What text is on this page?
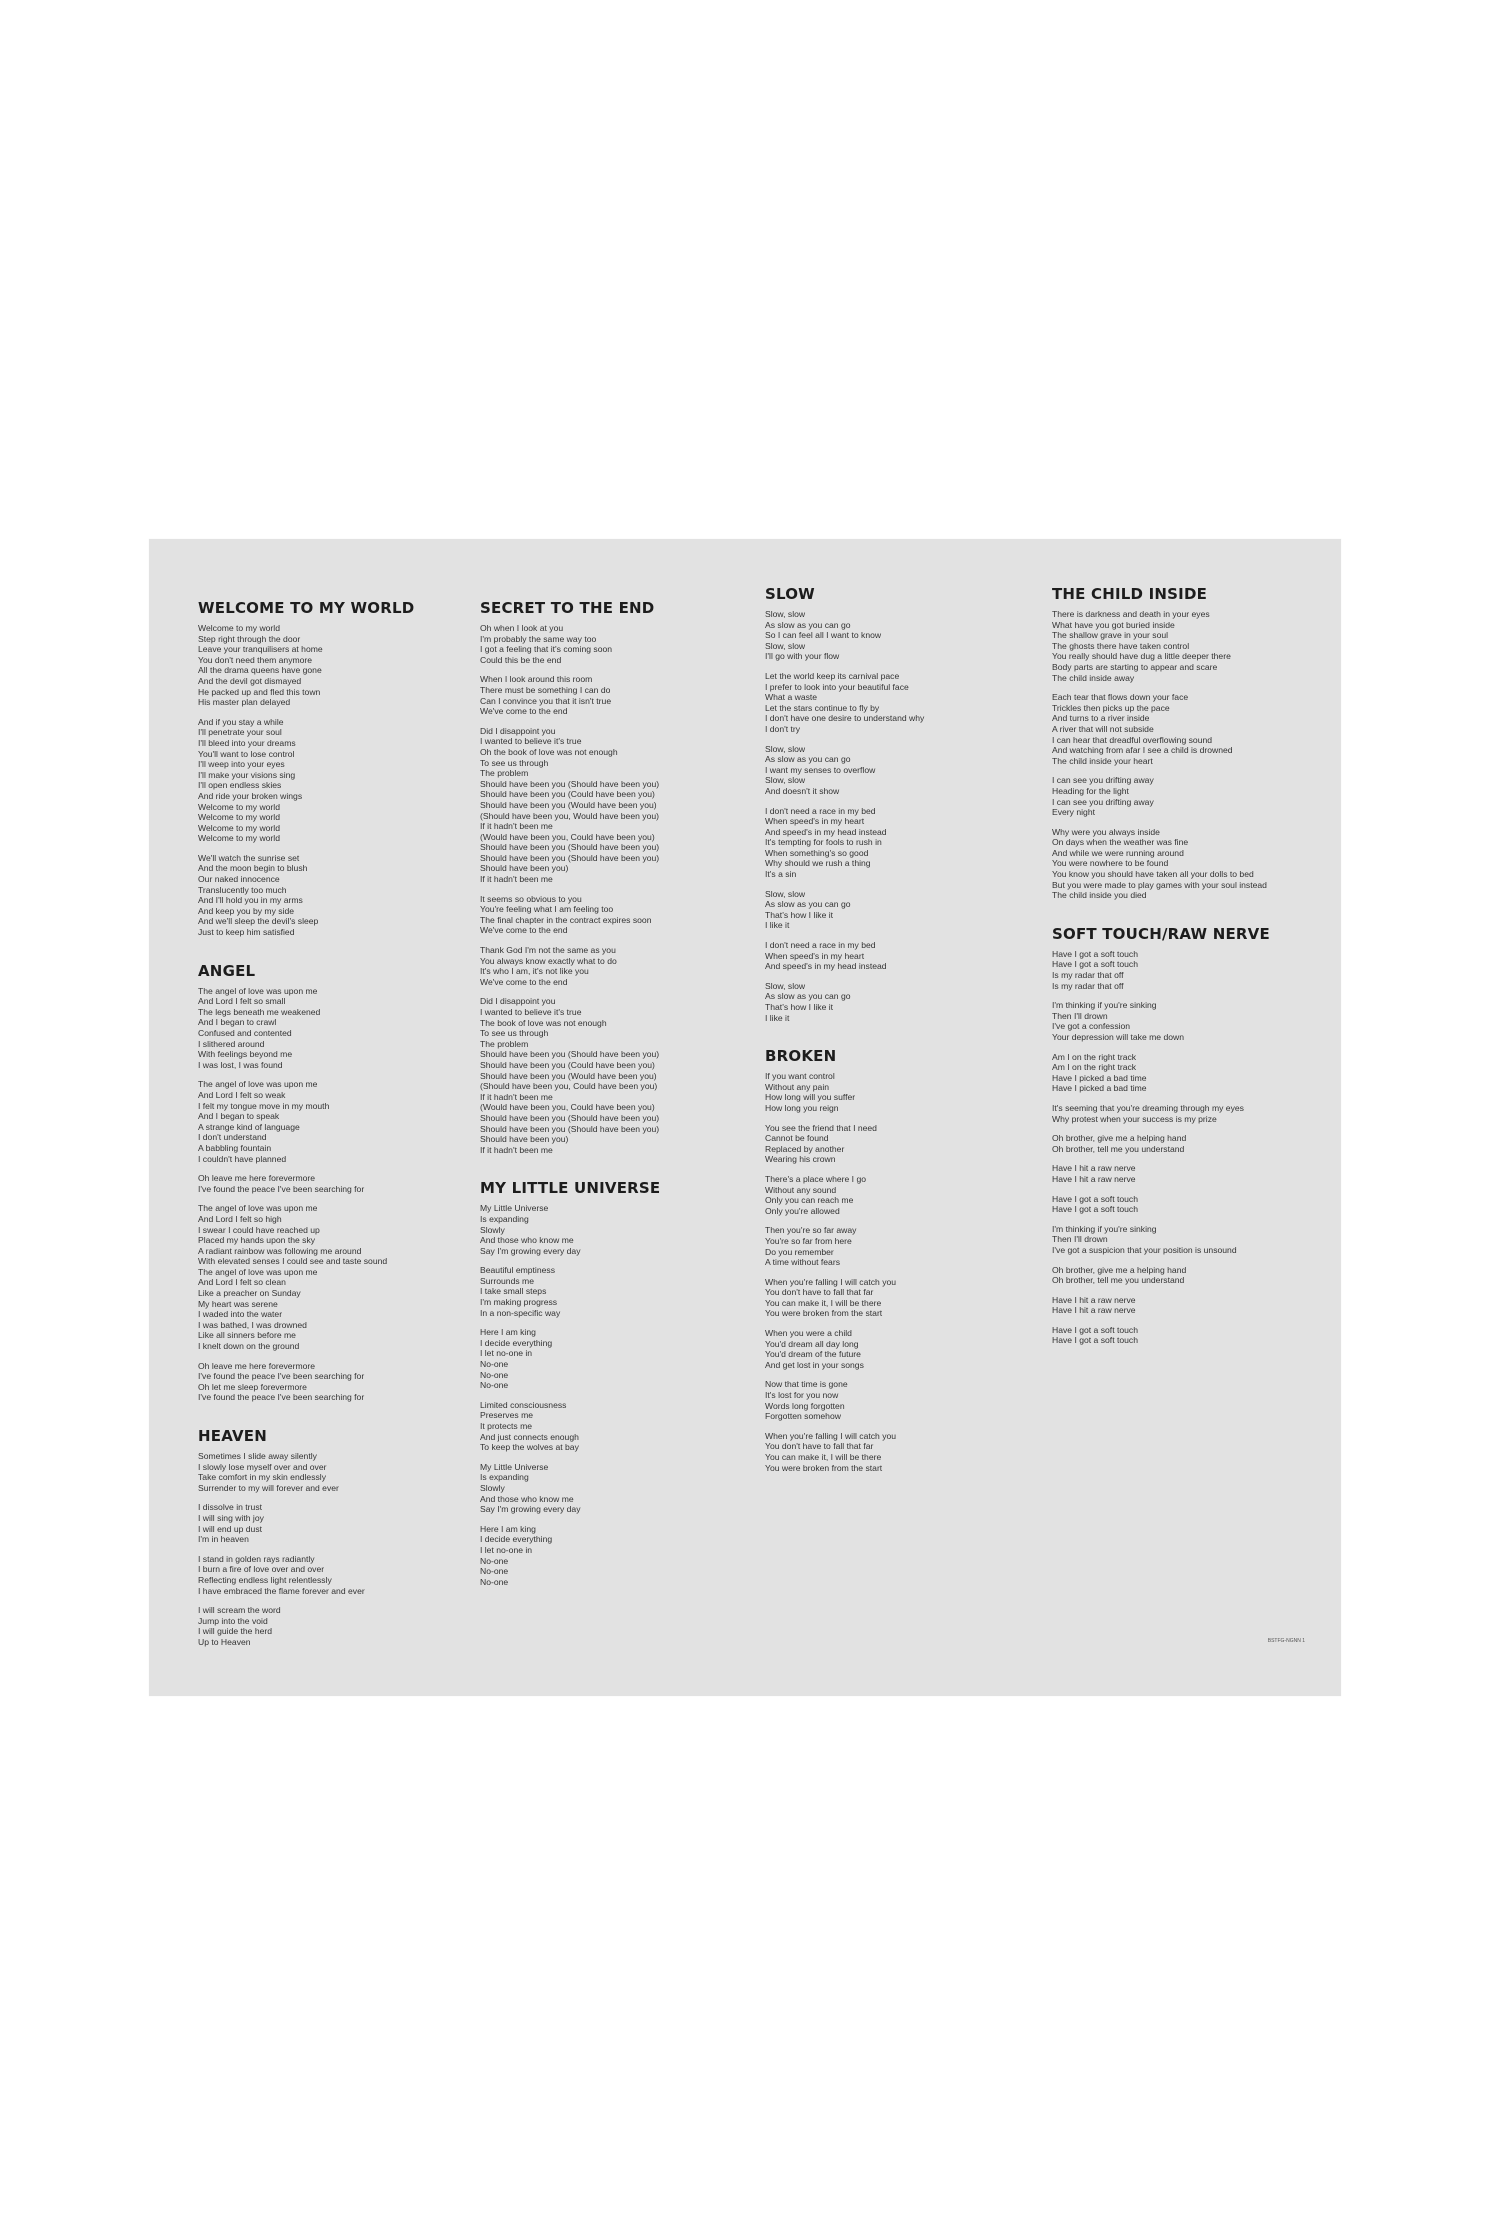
WELCOME TO MY WORLD
Welcome to my world
Step right through the door
Leave your tranquilisers at home
You don't need them anymore
All the drama queens have gone
And the devil got dismayed
He packed up and fled this town
His master plan delayed
And if you stay a while
I'll penetrate your soul
I'll bleed into your dreams
You'll want to lose control
I'll weep into your eyes
I'll make your visions sing
I'll open endless skies
And ride your broken wings
Welcome to my world
Welcome to my world
Welcome to my world
Welcome to my world
We'll watch the sunrise set
And the moon begin to blush
Our naked innocence
Translucently too much
And I'll hold you in my arms
And keep you by my side
And we'll sleep the devil's sleep
Just to keep him satisfied
ANGEL
The angel of love was upon me
And Lord I felt so small
The legs beneath me weakened
And I began to crawl
Confused and contented
I slithered around
With feelings beyond me
I was lost, I was found
The angel of love was upon me
And Lord I felt so weak
I felt my tongue move in my mouth
And I began to speak
A strange kind of language
I don't understand
A babbling fountain
I couldn't have planned
Oh leave me here forevermore
I've found the peace I've been searching for
The angel of love was upon me
And Lord I felt so high
I swear I could have reached up
Placed my hands upon the sky
A radiant rainbow was following me around
With elevated senses I could see and taste sound
The angel of love was upon me
And Lord I felt so clean
Like a preacher on Sunday
My heart was serene
I waded into the water
I was bathed, I was drowned
Like all sinners before me
I knelt down on the ground
Oh leave me here forevermore
I've found the peace I've been searching for
Oh let me sleep forevermore
I've found the peace I've been searching for
HEAVEN
Sometimes I slide away silently
I slowly lose myself over and over
Take comfort in my skin endlessly
Surrender to my will forever and ever
I dissolve in trust
I will sing with joy
I will end up dust
I'm in heaven
I stand in golden rays radiantly
I burn a fire of love over and over
Reflecting endless light relentlessly
I have embraced the flame forever and ever
I will scream the word
Jump into the void
I will guide the herd
Up to Heaven
SECRET TO THE END
Oh when I look at you
I'm probably the same way too
I got a feeling that it's coming soon
Could this be the end
When I look around this room
There must be something I can do
Can I convince you that it isn't true
We've come to the end
Did I disappoint you
I wanted to believe it's true
Oh the book of love was not enough
To see us through
The problem
Should have been you (Should have been you)
Should have been you (Could have been you)
Should have been you (Would have been you)
(Should have been you, Would have been you)
If it hadn't been me
(Would have been you, Could have been you)
Should have been you (Should have been you)
Should have been you (Should have been you)
Should have been you)
If it hadn't been me
It seems so obvious to you
You're feeling what I am feeling too
The final chapter in the contract expires soon
We've come to the end
Thank God I'm not the same as you
You always know exactly what to do
It's who I am, it's not like you
We've come to the end
Did I disappoint you
I wanted to believe it's true
The book of love was not enough
To see us through
The problem
Should have been you (Should have been you)
Should have been you (Could have been you)
Should have been you (Would have been you)
(Should have been you, Could have been you)
If it hadn't been me
(Would have been you, Could have been you)
Should have been you (Should have been you)
Should have been you (Should have been you)
Should have been you)
If it hadn't been me
MY LITTLE UNIVERSE
My Little Universe
Is expanding
Slowly
And those who know me
Say I'm growing every day
Beautiful emptiness
Surrounds me
I take small steps
I'm making progress
In a non-specific way
Here I am king
I decide everything
I let no-one in
No-one
No-one
No-one
Limited consciousness
Preserves me
It protects me
And just connects enough
To keep the wolves at bay
My Little Universe
Is expanding
Slowly
And those who know me
Say I'm growing every day
Here I am king
I decide everything
I let no-one in
No-one
No-one
No-one
SLOW
Slow, slow
As slow as you can go
So I can feel all I want to know
Slow, slow
I'll go with your flow
Let the world keep its carnival pace
I prefer to look into your beautiful face
What a waste
Let the stars continue to fly by
I don't have one desire to understand why
I don't try
Slow, slow
As slow as you can go
I want my senses to overflow
Slow, slow
And doesn't it show
I don't need a race in my bed
When speed's in my heart
And speed's in my head instead
It's tempting for fools to rush in
When something's so good
Why should we rush a thing
It's a sin
Slow, slow
As slow as you can go
That's how I like it
I like it
I don't need a race in my bed
When speed's in my heart
And speed's in my head instead
Slow, slow
As slow as you can go
That's how I like it
I like it
BROKEN
If you want control
Without any pain
How long will you suffer
How long you reign
You see the friend that I need
Cannot be found
Replaced by another
Wearing his crown
There's a place where I go
Without any sound
Only you can reach me
Only you're allowed
Then you're so far away
You're so far from here
Do you remember
A time without fears
When you're falling I will catch you
You don't have to fall that far
You can make it, I will be there
You were broken from the start
When you were a child
You'd dream all day long
You'd dream of the future
And get lost in your songs
Now that time is gone
It's lost for you now
Words long forgotten
Forgotten somehow
When you're falling I will catch you
You don't have to fall that far
You can make it, I will be there
You were broken from the start
THE CHILD INSIDE
There is darkness and death in your eyes
What have you got buried inside
The shallow grave in your soul
The ghosts there have taken control
You really should have dug a little deeper there
Body parts are starting to appear and scare
The child inside away
Each tear that flows down your face
Trickles then picks up the pace
And turns to a river inside
A river that will not subside
I can hear that dreadful overflowing sound
And watching from afar I see a child is drowned
The child inside your heart
I can see you drifting away
Heading for the light
I can see you drifting away
Every night
Why were you always inside
On days when the weather was fine
And while we were running around
You were nowhere to be found
You know you should have taken all your dolls to bed
But you were made to play games with your soul instead
The child inside you died
SOFT TOUCH/RAW NERVE
Have I got a soft touch
Have I got a soft touch
Is my radar that off
Is my radar that off
I'm thinking if you're sinking
Then I'll drown
I've got a confession
Your depression will take me down
Am I on the right track
Am I on the right track
Have I picked a bad time
Have I picked a bad time
It's seeming that you're dreaming through my eyes
Why protest when your success is my prize
Oh brother, give me a helping hand
Oh brother, tell me you understand
Have I hit a raw nerve
Have I hit a raw nerve
Have I got a soft touch
Have I got a soft touch
I'm thinking if you're sinking
Then I'll drown
I've got a suspicion that your position is unsound
Oh brother, give me a helping hand
Oh brother, tell me you understand
Have I hit a raw nerve
Have I hit a raw nerve
Have I got a soft touch
Have I got a soft touch
BSTFG-NGNN 1
